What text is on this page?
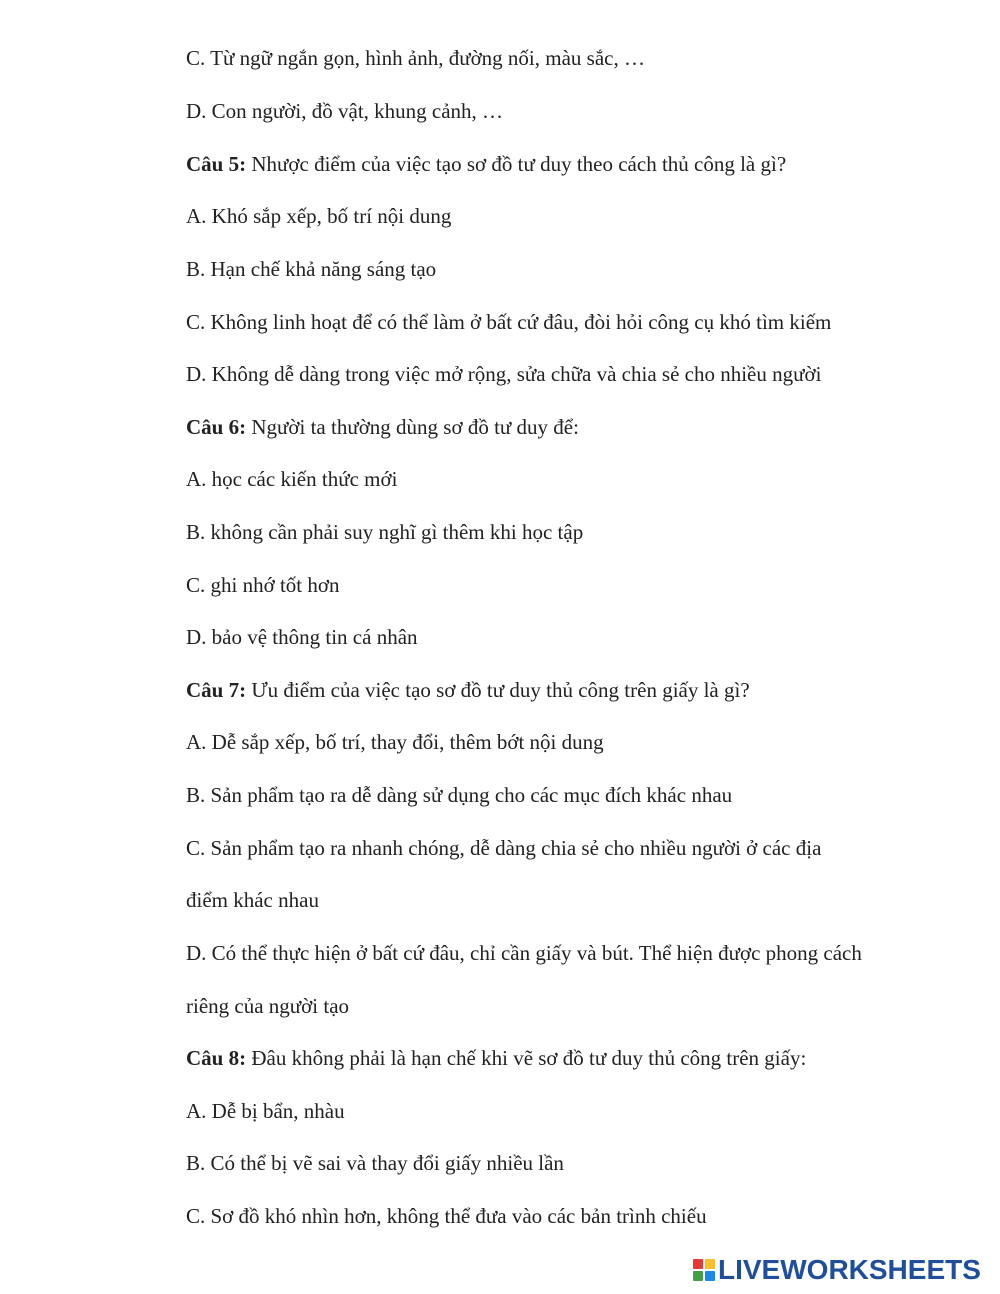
C. Từ ngữ ngắn gọn, hình ảnh, đường nối, màu sắc, …
D. Con người, đồ vật, khung cảnh, …
Câu 5: Nhược điểm của việc tạo sơ đồ tư duy theo cách thủ công là gì?
A. Khó sắp xếp, bố trí nội dung
B. Hạn chế khả năng sáng tạo
C. Không linh hoạt để có thể làm ở bất cứ đâu, đòi hỏi công cụ khó tìm kiếm
D. Không dễ dàng trong việc mở rộng, sửa chữa và chia sẻ cho nhiều người
Câu 6: Người ta thường dùng sơ đồ tư duy để:
A. học các kiến thức mới
B. không cần phải suy nghĩ gì thêm khi học tập
C. ghi nhớ tốt hơn
D. bảo vệ thông tin cá nhân
Câu 7: Ưu điểm của việc tạo sơ đồ tư duy thủ công trên giấy là gì?
A. Dễ sắp xếp, bố trí, thay đổi, thêm bớt nội dung
B. Sản phẩm tạo ra dễ dàng sử dụng cho các mục đích khác nhau
C. Sản phẩm tạo ra nhanh chóng, dễ dàng chia sẻ cho nhiều người ở các địa
điểm khác nhau
D. Có thể thực hiện ở bất cứ đâu, chỉ cần giấy và bút. Thể hiện được phong cách
riêng của người tạo
Câu 8: Đâu không phải là hạn chế khi vẽ sơ đồ tư duy thủ công trên giấy:
A. Dễ bị bẩn, nhàu
B. Có thể bị vẽ sai và thay đổi giấy nhiều lần
C. Sơ đồ khó nhìn hơn, không thể đưa vào các bản trình chiếu
LIVEWORKSHEETS
